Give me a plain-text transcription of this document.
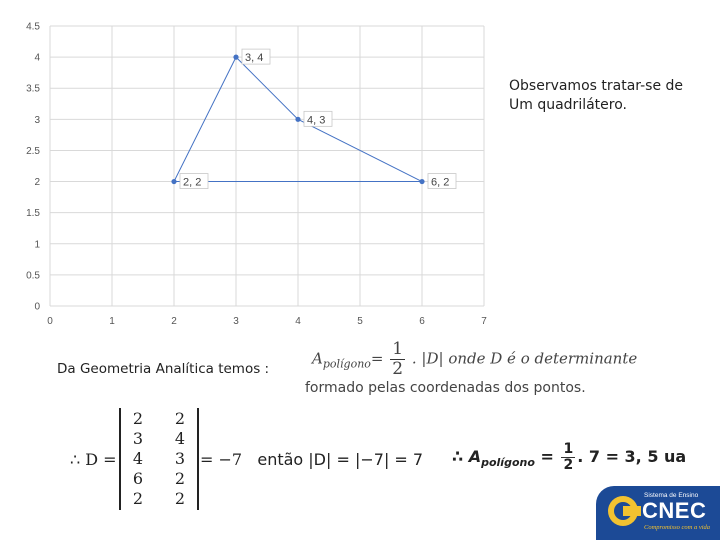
0
0.5
1
1.5
2
2.5
3
3.5
4
4.5
0	1	2	3	4	5	6	7
3, 4
4, 3
6, 2
2, 2
Observamos tratar-se de
Um quadrilátero.
Da Geometria Analítica temos :
$A_{polígono}= \frac{1}{2}$ . |D| onde D é o determinante
formado pelas coordenadas dos pontos.
∴ D =
2 2
3 4
4 3
6 2
2 2
= −7 então |D| = |−7| = 7 ∴ $A_{polígono} = \frac{1}{2}$ . 7 = 3, 5 ua
Sistema de Ensino
CNEC
Compromisso com a vida
